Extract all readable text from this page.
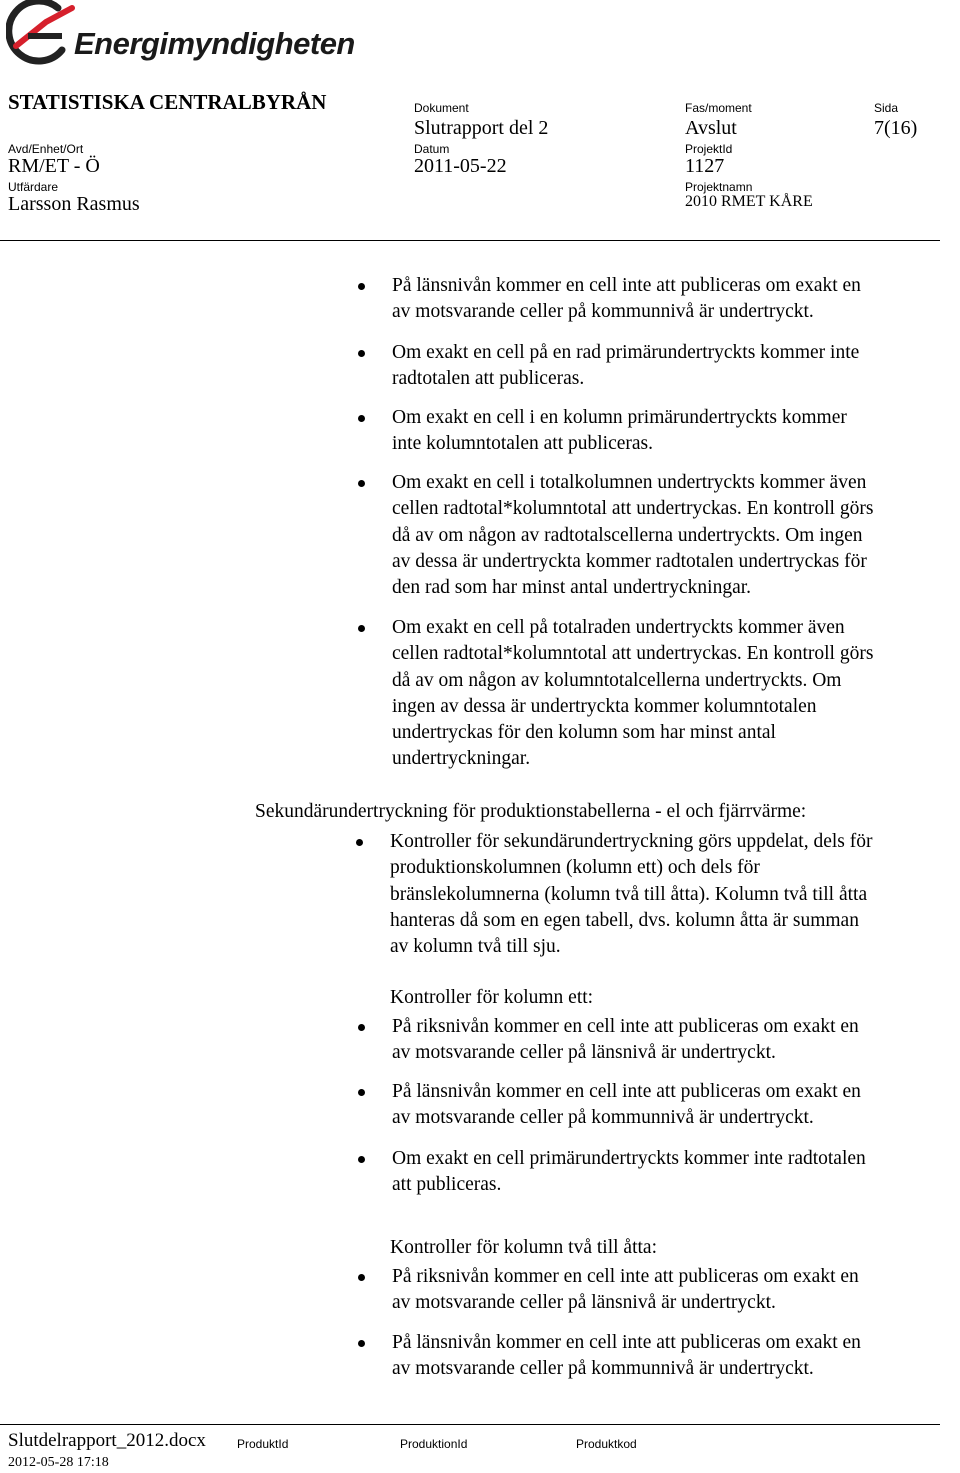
Energimyndigheten
STATISTISKA CENTRALBYRÅN	Dokument
Slutrapport del 2
Fas/moment
Avslut
Sida
7(16)
Avd/Enhet/Ort
RM/ET - Ö
Datum
2011-05-22
ProjektId
1127
Utfärdare
Larsson Rasmus
Projektnamn
2010 RMET KÅRE
På länsnivån kommer en cell inte att publiceras om exakt en
av motsvarande celler på kommunnivå är undertryckt.
Om exakt en cell på en rad primärundertryckts kommer inte
radtotalen att publiceras.
Om exakt en cell i en kolumn primärundertryckts kommer
inte kolumntotalen att publiceras.
Om exakt en cell i totalkolumnen undertryckts kommer även
cellen radtotal*kolumntotal att undertryckas. En kontroll görs
då av om någon av radtotalscellerna undertryckts. Om ingen
av dessa är undertryckta kommer radtotalen undertryckas för
den rad som har minst antal undertryckningar.
Om exakt en cell på totalraden undertryckts kommer även
cellen radtotal*kolumntotal att undertryckas. En kontroll görs
då av om någon av kolumntotalcellerna undertryckts. Om
ingen av dessa är undertryckta kommer kolumntotalen
undertryckas för den kolumn som har minst antal
undertryckningar.
Sekundärundertryckning för produktionstabellerna - el och fjärrvärme:
Kontroller för sekundärundertryckning görs uppdelat, dels för
produktionskolumnen (kolumn ett) och dels för
bränslekolumnerna (kolumn två till åtta). Kolumn två till åtta
hanteras då som en egen tabell, dvs. kolumn åtta är summan
av kolumn två till sju.
Kontroller för kolumn ett:
På riksnivån kommer en cell inte att publiceras om exakt en
av motsvarande celler på länsnivå är undertryckt.
På länsnivån kommer en cell inte att publiceras om exakt en
av motsvarande celler på kommunnivå är undertryckt.
Om exakt en cell primärundertryckts kommer inte radtotalen
att publiceras.
Kontroller för kolumn två till åtta:
På riksnivån kommer en cell inte att publiceras om exakt en
av motsvarande celler på länsnivå är undertryckt.
På länsnivån kommer en cell inte att publiceras om exakt en
av motsvarande celler på kommunnivå är undertryckt.
Slutdelrapport_2012.docx
2012-05-28 17:18
ProduktId	ProduktionId	Produktkod
